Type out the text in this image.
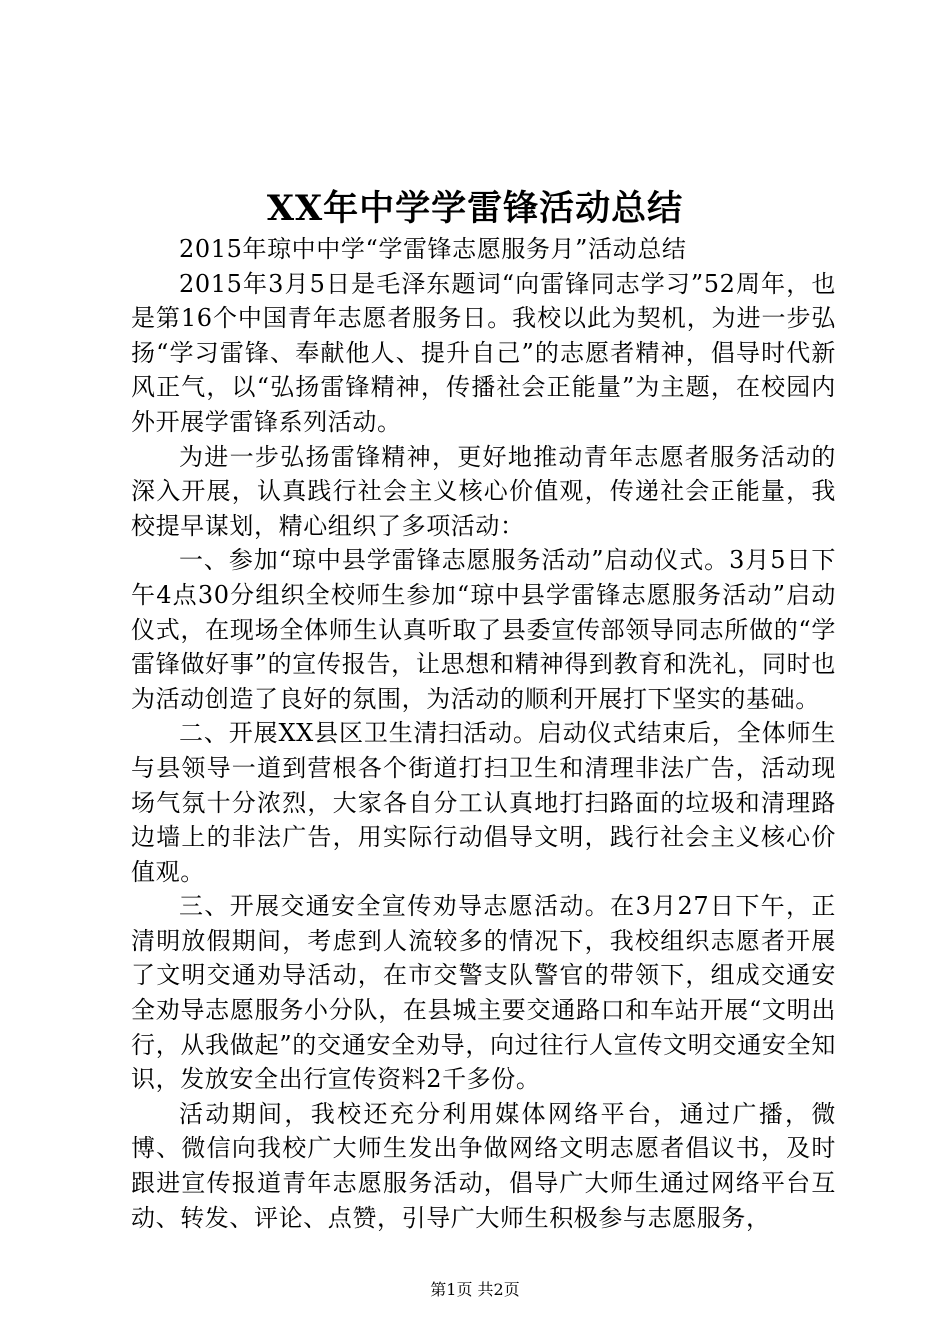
XX年中学学雷锋活动总结

2015年琼中中学“学雷锋志愿服务月”活动总结

2015年3月5日是毛泽东题词“向雷锋同志学习”52周年，也是第16个中国青年志愿者服务日。我校以此为契机，为进一步弘扬“学习雷锋、奉献他人、提升自己”的志愿者精神，倡导时代新风正气，以“弘扬雷锋精神，传播社会正能量”为主题，在校园内外开展学雷锋系列活动。

为进一步弘扬雷锋精神，更好地推动青年志愿者服务活动的深入开展，认真践行社会主义核心价值观，传递社会正能量，我校提早谋划，精心组织了多项活动：

一、参加“琼中县学雷锋志愿服务活动”启动仪式。3月5日下午4点30分组织全校师生参加“琼中县学雷锋志愿服务活动”启动仪式，在现场全体师生认真听取了县委宣传部领导同志所做的“学雷锋做好事”的宣传报告，让思想和精神得到教育和洗礼，同时也为活动创造了良好的氛围，为活动的顺利开展打下坚实的基础。

二、开展XX县区卫生清扫活动。启动仪式结束后，全体师生与县领导一道到营根各个街道打扫卫生和清理非法广告，活动现场气氛十分浓烈，大家各自分工认真地打扫路面的垃圾和清理路边墙上的非法广告，用实际行动倡导文明，践行社会主义核心价值观。

三、开展交通安全宣传劝导志愿活动。在3月27日下午，正清明放假期间，考虑到人流较多的情况下，我校组织志愿者开展了文明交通劝导活动，在市交警支队警官的带领下，组成交通安全劝导志愿服务小分队，在县城主要交通路口和车站开展“文明出行，从我做起”的交通安全劝导，向过往行人宣传文明交通安全知识，发放安全出行宣传资料2千多份。

活动期间，我校还充分利用媒体网络平台，通过广播，微博、微信向我校广大师生发出争做网络文明志愿者倡议书，及时跟进宣传报道青年志愿服务活动，倡导广大师生通过网络平台互动、转发、评论、点赞，引导广大师生积极参与志愿服务，

第1页 共2页
